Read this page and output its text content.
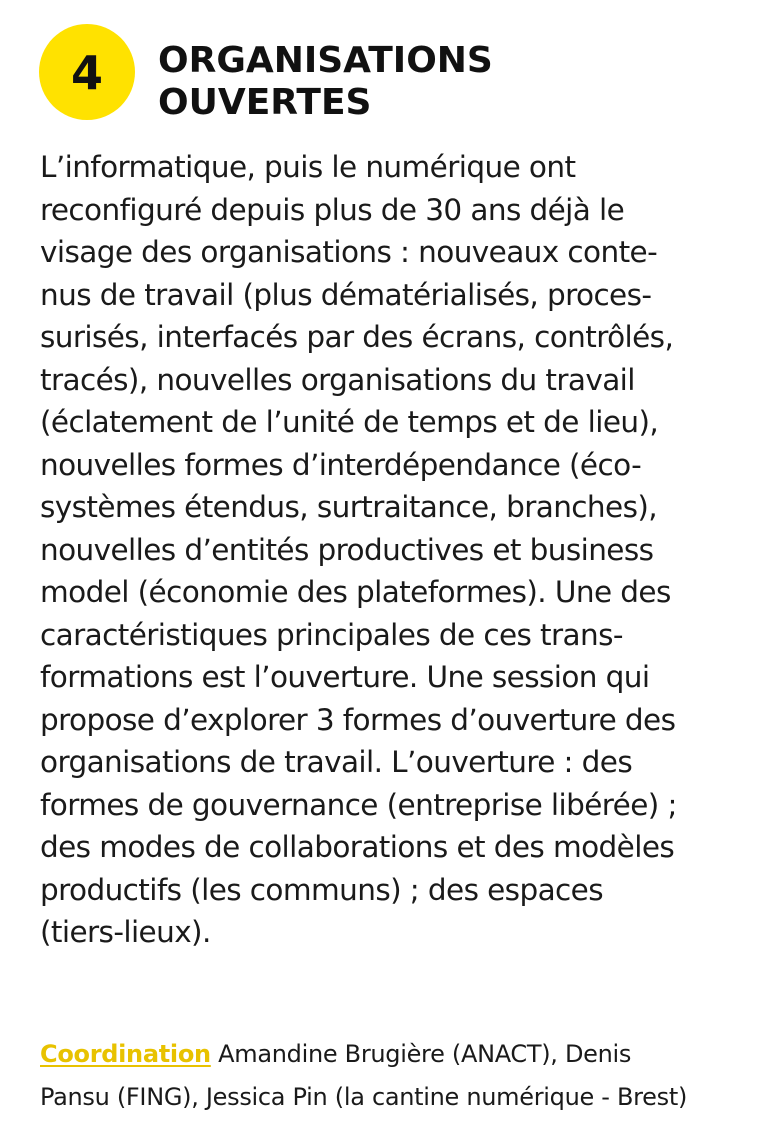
4 ORGANISATIONS
OUVERTES

L’informatique, puis le numérique ont
reconfiguré depuis plus de 30 ans déjà le
visage des organisations : nouveaux conte-
nus de travail (plus dématérialisés, proces-
surisés, interfacés par des écrans, contrôlés,
tracés), nouvelles organisations du travail
(éclatement de l’unité de temps et de lieu),
nouvelles formes d’interdépendance (éco-
systèmes étendus, surtraitance, branches),
nouvelles d’entités productives et business
model (économie des plateformes). Une des
caractéristiques principales de ces trans-
formations est l’ouverture. Une session qui
propose d’explorer 3 formes d’ouverture des
organisations de travail. L’ouverture : des
formes de gouvernance (entreprise libérée) ;
des modes de collaborations et des modèles
productifs (les communs) ; des espaces
(tiers-lieux).

Coordination Amandine Brugière (ANACT), Denis
Pansu (FING), Jessica Pin (la cantine numérique - Brest)
